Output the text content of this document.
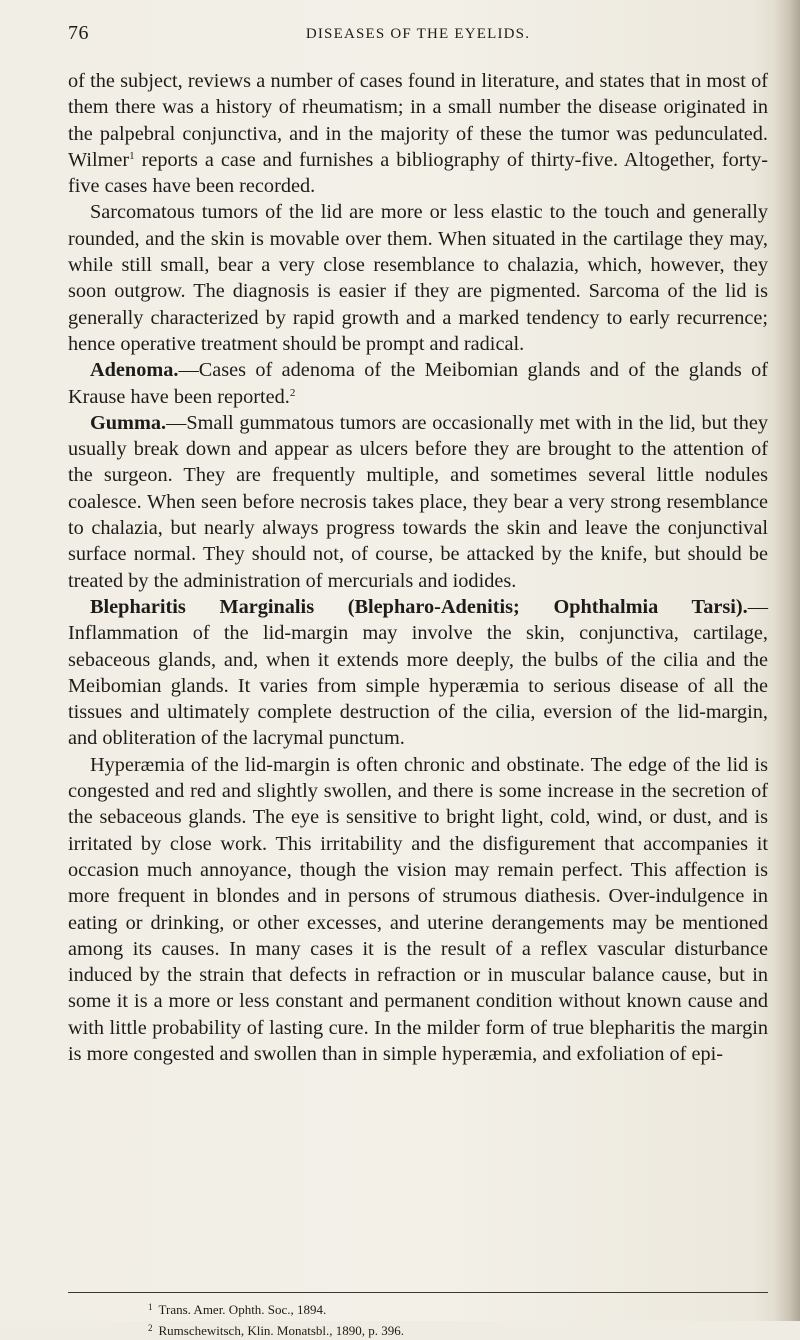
76	DISEASES OF THE EYELIDS.

of the subject, reviews a number of cases found in literature, and states that in most of them there was a history of rheumatism; in a small number the disease originated in the palpebral conjunctiva, and in the majority of these the tumor was pedunculated. Wilmer$^1$ reports a case and furnishes a bibliography of thirty-five. Altogether, forty-five cases have been recorded.

Sarcomatous tumors of the lid are more or less elastic to the touch and generally rounded, and the skin is movable over them. When situated in the cartilage they may, while still small, bear a very close resemblance to chalazia, which, however, they soon outgrow. The diagnosis is easier if they are pigmented. Sarcoma of the lid is generally characterized by rapid growth and a marked tendency to early recurrence; hence operative treatment should be prompt and radical.

Adenoma.—Cases of adenoma of the Meibomian glands and of the glands of Krause have been reported.$^2$

Gumma.—Small gummatous tumors are occasionally met with in the lid, but they usually break down and appear as ulcers before they are brought to the attention of the surgeon. They are frequently multiple, and sometimes several little nodules coalesce. When seen before necrosis takes place, they bear a very strong resemblance to chalazia, but nearly always progress towards the skin and leave the conjunctival surface normal. They should not, of course, be attacked by the knife, but should be treated by the administration of mercurials and iodides.

Blepharitis Marginalis (Blepharo-Adenitis; Ophthalmia Tarsi).— Inflammation of the lid-margin may involve the skin, conjunctiva, cartilage, sebaceous glands, and, when it extends more deeply, the bulbs of the cilia and the Meibomian glands. It varies from simple hyperæmia to serious disease of all the tissues and ultimately complete destruction of the cilia, eversion of the lid-margin, and obliteration of the lacrymal punctum.

Hyperæmia of the lid-margin is often chronic and obstinate. The edge of the lid is congested and red and slightly swollen, and there is some increase in the secretion of the sebaceous glands. The eye is sensitive to bright light, cold, wind, or dust, and is irritated by close work. This irritability and the disfigurement that accompanies it occasion much annoyance, though the vision may remain perfect. This affection is more frequent in blondes and in persons of strumous diathesis. Over-indulgence in eating or drinking, or other excesses, and uterine derangements may be mentioned among its causes. In many cases it is the result of a reflex vascular disturbance induced by the strain that defects in refraction or in muscular balance cause, but in some it is a more or less constant and permanent condition without known cause and with little probability of lasting cure. In the milder form of true blepharitis the margin is more congested and swollen than in simple hyperæmia, and exfoliation of epi-

$^1$ Trans. Amer. Ophth. Soc., 1894.

$^2$ Rumschewitsch, Klin. Monatsbl., 1890, p. 396.
